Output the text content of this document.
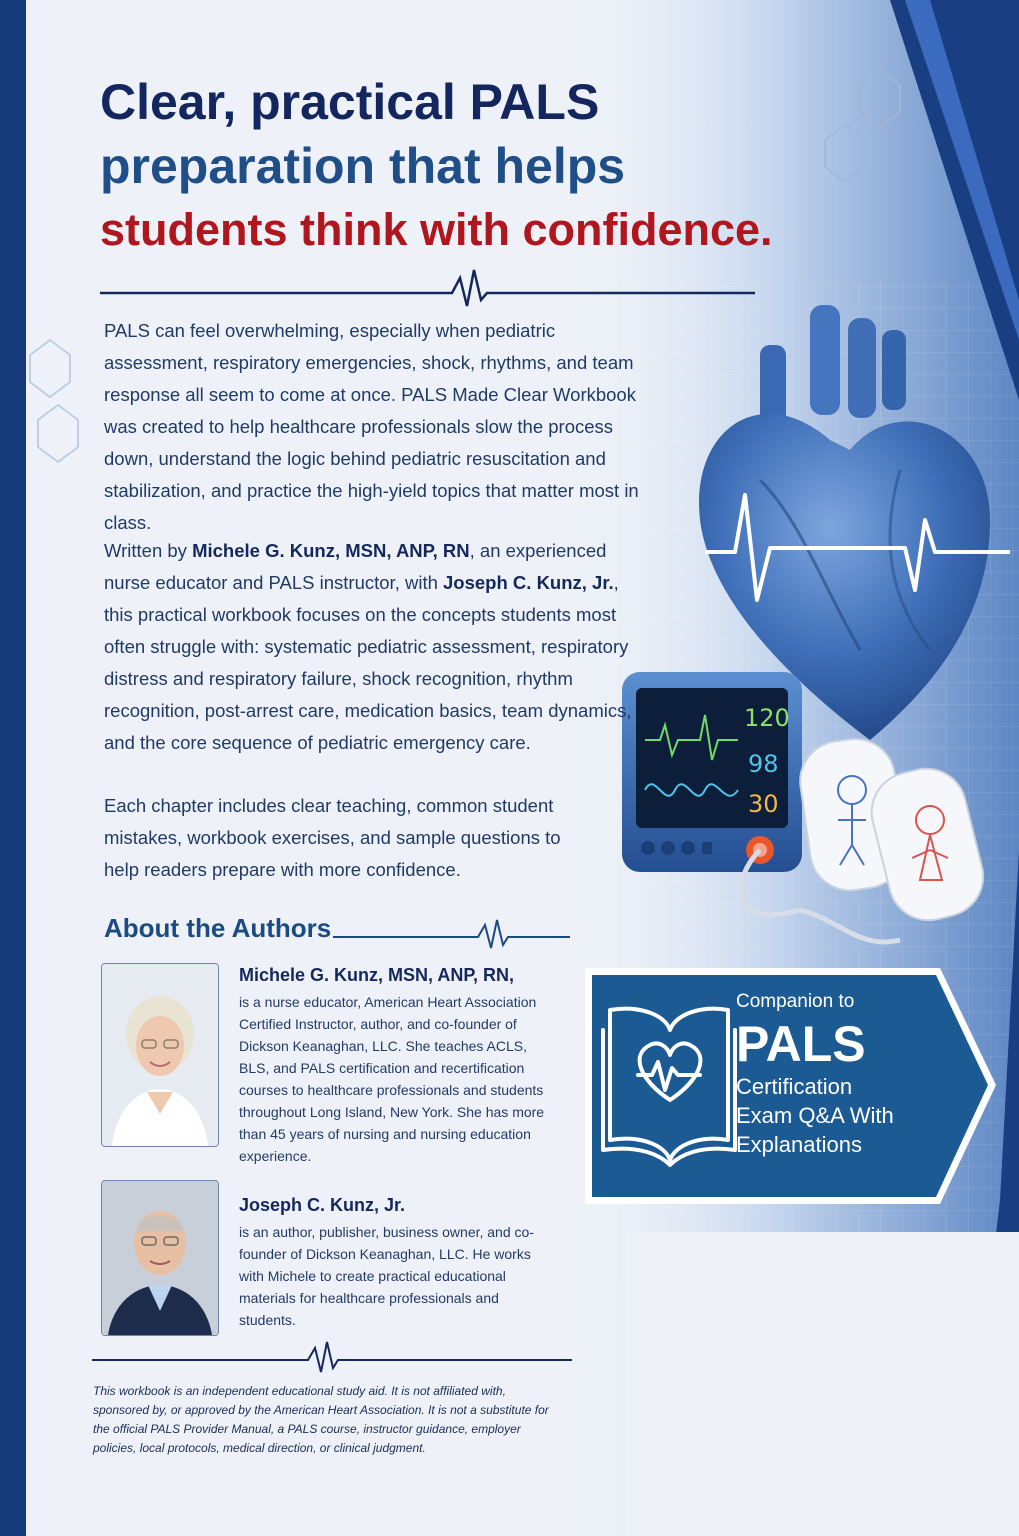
120
98
30
Clear, practical PALS
preparation that helps
students think with confidence.

PALS can feel overwhelming, especially when pediatric assessment, respiratory emergencies, shock, rhythms, and team response all seem to come at once. PALS Made Clear Workbook was created to help healthcare professionals slow the process down, understand the logic behind pediatric resuscitation and stabilization, and practice the high-yield topics that matter most in class.

Written by Michele G. Kunz, MSN, ANP, RN, an experienced nurse educator and PALS instructor, with Joseph C. Kunz, Jr., this practical workbook focuses on the concepts students most often struggle with: systematic pediatric assessment, respiratory distress and respiratory failure, shock recognition, rhythm recognition, post-arrest care, medication basics, team dynamics, and the core sequence of pediatric emergency care.

Each chapter includes clear teaching, common student mistakes, workbook exercises, and sample questions to help readers prepare with more confidence.

About the Authors

Michele G. Kunz, MSN, ANP, RN,

is a nurse educator, American Heart Association Certified Instructor, author, and co-founder of Dickson Keanaghan, LLC. She teaches ACLS, BLS, and PALS certification and recertification courses to healthcare professionals and students throughout Long Island, New York. She has more than 45 years of nursing and nursing education experience.

Joseph C. Kunz, Jr.

is an author, publisher, business owner, and co-founder of Dickson Keanaghan, LLC. He works with Michele to create practical educational materials for healthcare professionals and students.

Companion to
PALS
Certification
Exam Q&A With
Explanations

This workbook is an independent educational study aid. It is not affiliated with, sponsored by, or approved by the American Heart Association. It is not a substitute for the official PALS Provider Manual, a PALS course, instructor guidance, employer policies, local protocols, medical direction, or clinical judgment.
